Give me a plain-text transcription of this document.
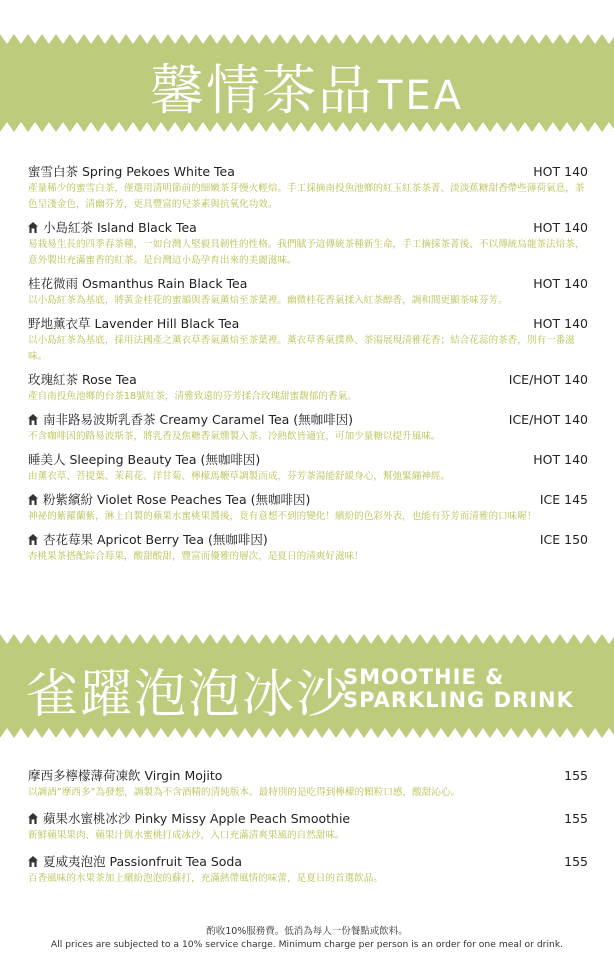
馨情茶品 TEA
蜜雪白茶 Spring Pekoes White Tea	HOT 140
產量稀少的蜜雪白茶，僅選用清明節前的細嫩茶芽慢火輕焙。手工採摘南投魚池鄉的紅玉紅茶茶菁、淡淡蕉糖甜香帶些薄荷氣息，茶色呈淺金色，清幽芬芳，更具豐富的兒茶素與抗氧化功效。
小島紅茶 Island Black Tea	HOT 140
易栽易生長的四季春茶種，一如台灣人堅毅具韌性的性格。我們賦予這傳統茶種新生命，手工摘採茶菁後、不以傳統烏龍茶法焙茶，意外製出充滿蜜香的紅茶。是台灣這小島孕育出來的美麗滋味。
桂花微雨 Osmanthus Rain Black Tea	HOT 140
以小島紅茶為基底，將黃金桂花的蜜韻與香氣薰焙至茶葉裡。幽微桂花香氣揉入紅茶醇香，調和間更顯茶味芬芳。
野地薰衣草 Lavender Hill Black Tea	HOT 140
以小島紅茶為基底，採用法國產之薰衣草香氣薰焙至茶葉裡。薰衣草香氣撲鼻、茶湯展現清雅花香；結合花蕊的茶香，別有一番滋味。
玫瑰紅茶 Rose Tea	ICE/HOT 140
產自南投魚池鄉的台茶18號紅茶，清雅致遠的芬芳揉合玫瑰甜蜜馥郁的香氣。
南非路易波斯乳香茶 Creamy Caramel Tea (無咖啡因)	ICE/HOT 140
不含咖啡因的路易波斯茶，將乳香及焦糖香氣燻製入茶。冷熱飲皆適宜，可加少量糖以提升風味。
睡美人 Sleeping Beauty Tea (無咖啡因)	HOT 140
由薰衣草、菩提葉、茉莉花、洋甘菊、檸檬馬鞭草調製而成，芬芳茶湯能舒緩身心，幫弛緊繃神經。
粉紫繽紛 Violet Rose Peaches Tea (無咖啡因)	ICE 145
神祕的紫羅蘭紫，淋上自製的蘋果水蜜桃果醬後，竟有意想不到的變化！繽紛的色彩外表，也能有芬芳而清雅的口味喔！
杏花莓果 Apricot Berry Tea (無咖啡因)	ICE 150
杏桃果茶搭配綜合莓果，酸甜酸甜，豐富而優雅的層次，是夏日的清爽好滋味！
雀躍泡泡冰沙
SMOOTHIE &
SPARKLING DRINK
摩西多檸檬薄荷凍飲 Virgin Mojito	155
以調酒”摩西多”為發想，調製為不含酒精的清純版本。最特別的是吃得到檸檬的顆粒口感，酸甜沁心。
蘋果水蜜桃冰沙 Pinky Missy Apple Peach Smoothie	155
新鮮蘋果果肉、蘋果汁與水蜜桃打成冰沙，入口充滿清爽果風的自然甜味。
夏威夷泡泡 Passionfruit Tea Soda	155
百香風味的水果茶加上繽紛泡泡的蘇打，充滿熱帶風情的味蕾，是夏日的首選飲品。
酌收10%服務費。低消為每人一份餐點或飲料。
All prices are subjected to a 10% service charge. Minimum charge per person is an order for one meal or drink.
